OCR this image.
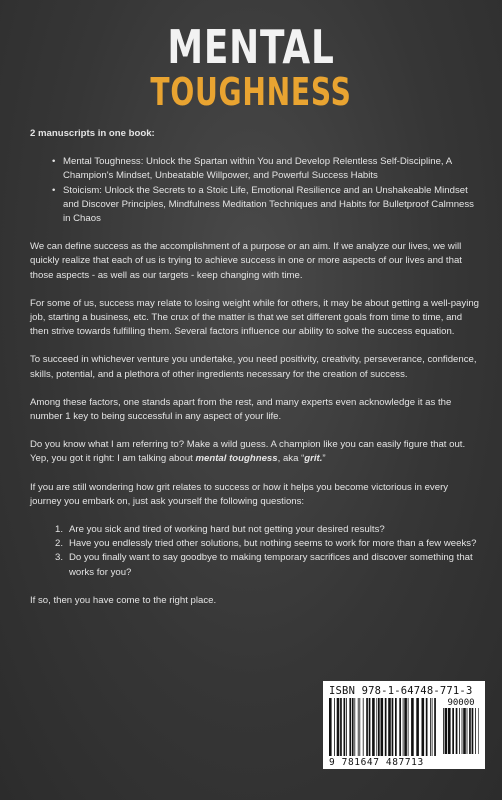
MENTAL
TOUGHNESS

2 manuscripts in one book:

• Mental Toughness: Unlock the Spartan within You and Develop Relentless Self-Discipline, A Champion's Mindset, Unbeatable Willpower, and Powerful Success Habits
• Stoicism: Unlock the Secrets to a Stoic Life, Emotional Resilience and an Unshakeable Mindset and Discover Principles, Mindfulness Meditation Techniques and Habits for Bulletproof Calmness in Chaos

We can define success as the accomplishment of a purpose or an aim. If we analyze our lives, we will quickly realize that each of us is trying to achieve success in one or more aspects of our lives and that those aspects - as well as our targets - keep changing with time.

For some of us, success may relate to losing weight while for others, it may be about getting a well-paying job, starting a business, etc. The crux of the matter is that we set different goals from time to time, and then strive towards fulfilling them. Several factors influence our ability to solve the success equation.

To succeed in whichever venture you undertake, you need positivity, creativity, perseverance, confidence, skills, potential, and a plethora of other ingredients necessary for the creation of success.

Among these factors, one stands apart from the rest, and many experts even acknowledge it as the number 1 key to being successful in any aspect of your life.

Do you know what I am referring to? Make a wild guess. A champion like you can easily figure that out. Yep, you got it right: I am talking about mental toughness, aka “grit.”

If you are still wondering how grit relates to success or how it helps you become victorious in every journey you embark on, just ask yourself the following questions:

1. Are you sick and tired of working hard but not getting your desired results?
2. Have you endlessly tried other solutions, but nothing seems to work for more than a few weeks?
3. Do you finally want to say goodbye to making temporary sacrifices and discover something that works for you?

If so, then you have come to the right place.

ISBN 978-1-64748-771-3
90000
9 781647 487713
